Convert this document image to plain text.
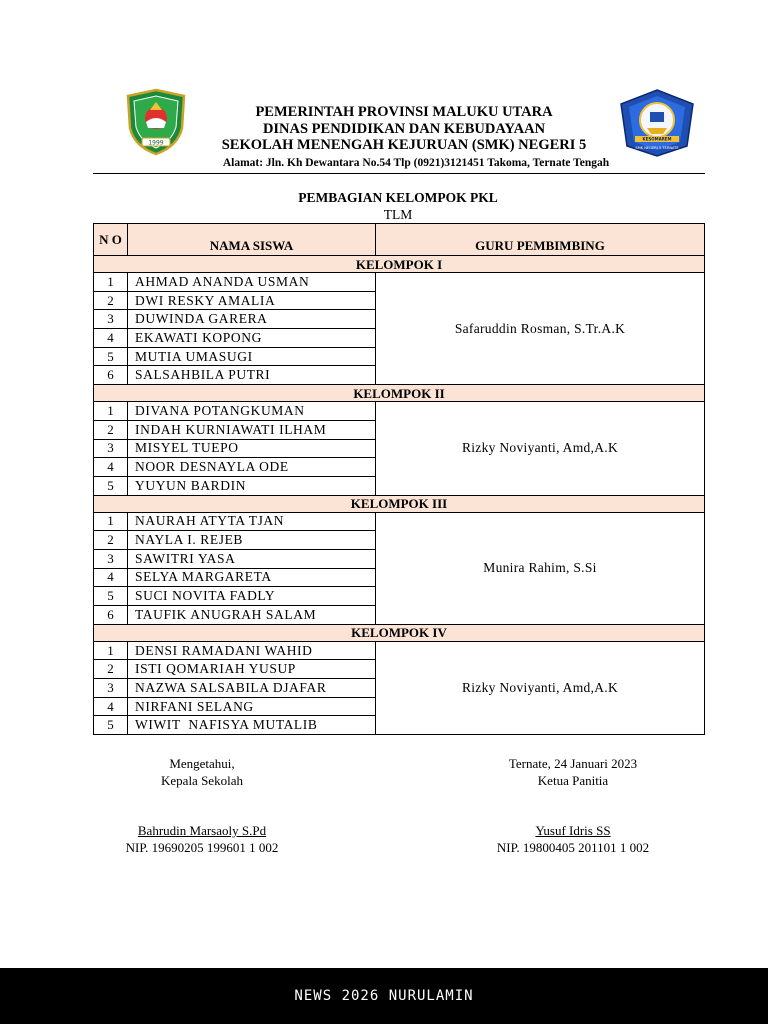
1999
KESOMAREM
SMK NEGERI 5 TERNATE
PEMERINTAH PROVINSI MALUKU UTARA
DINAS PENDIDIKAN DAN KEBUDAYAAN
SEKOLAH MENENGAH KEJURUAN (SMK) NEGERI 5
Alamat: Jln. Kh Dewantara No.54 Tlp (0921)3121451 Takoma, Ternate Tengah
PEMBAGIAN KELOMPOK PKL
TLM
N O	NAMA SISWA	GURU PEMBIMBING
KELOMPOK I		
1	AHMAD ANANDA USMAN	Safaruddin Rosman, S.Tr.A.K
2	DWI RESKY AMALIA	
3	DUWINDA GARERA	
4	EKAWATI KOPONG	
5	MUTIA UMASUGI	
6	SALSAHBILA PUTRI	
KELOMPOK II		
1	DIVANA POTANGKUMAN	Rizky Noviyanti, Amd,A.K
2	INDAH KURNIAWATI ILHAM	
3	MISYEL TUEPO	
4	NOOR DESNAYLA ODE	
5	YUYUN BARDIN	
KELOMPOK III		
1	NAURAH ATYTA TJAN	Munira Rahim, S.Si
2	NAYLA I. REJEB	
3	SAWITRI YASA	
4	SELYA MARGARETA	
5	SUCI NOVITA FADLY	
6	TAUFIK ANUGRAH SALAM	
KELOMPOK IV		
1	DENSI RAMADANI WAHID	Rizky Noviyanti, Amd,A.K
2	ISTI QOMARIAH YUSUP	
3	NAZWA SALSABILA DJAFAR	
4	NIRFANI SELANG	
5	WIWIT  NAFISYA MUTALIB	
Mengetahui,
Kepala Sekolah
Bahrudin Marsaoly S.Pd
NIP. 19690205 199601 1 002
Ternate, 24 Januari 2023
Ketua Panitia
Yusuf Idris SS
NIP. 19800405 201101 1 002
NEWS 2026 NURULAMIN
